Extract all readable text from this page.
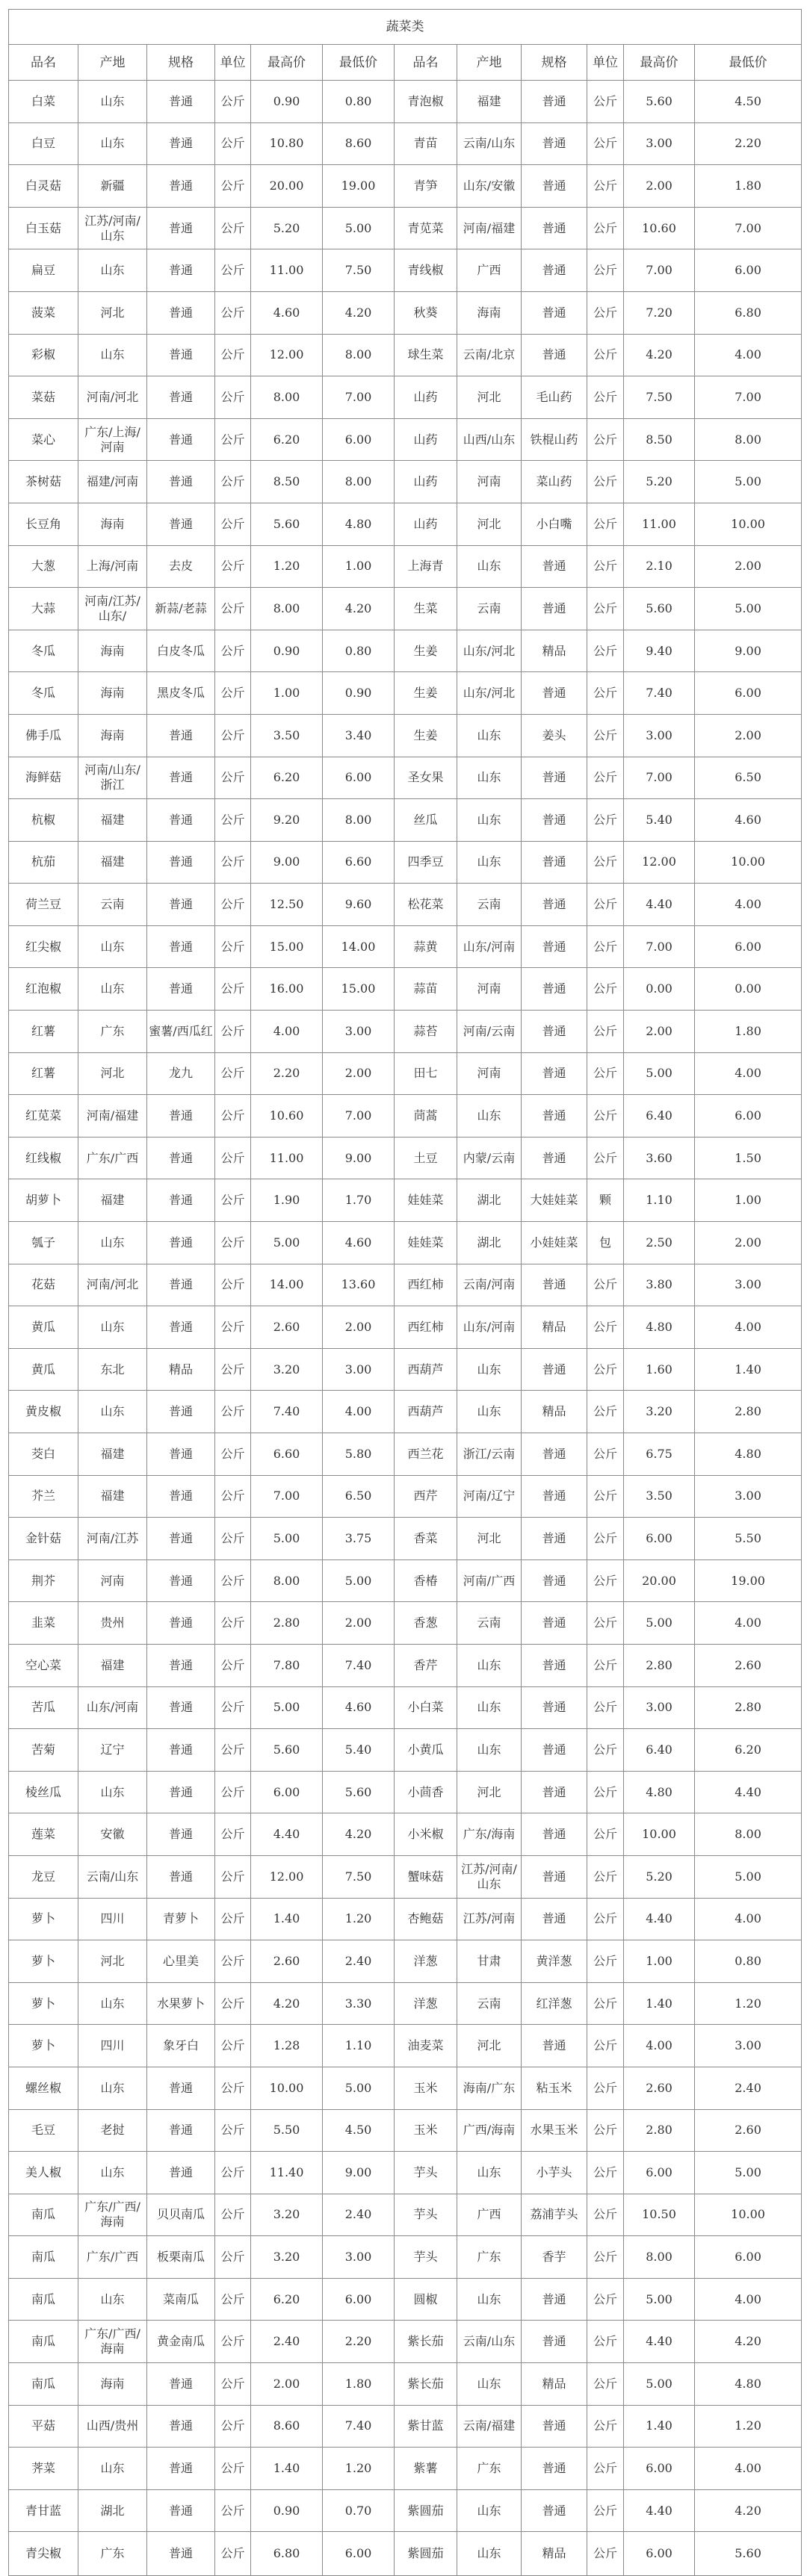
蔬菜类											
品名	产地	规格	单位	最高价	最低价	品名	产地	规格	单位	最高价	最低价
白菜	山东	普通	公斤	0.90	0.80	青泡椒	福建	普通	公斤	5.60	4.50
白豆	山东	普通	公斤	10.80	8.60	青苗	云南/山东	普通	公斤	3.00	2.20
白灵菇	新疆	普通	公斤	20.00	19.00	青笋	山东/安徽	普通	公斤	2.00	1.80
白玉菇	江苏/河南/山东	普通	公斤	5.20	5.00	青苋菜	河南/福建	普通	公斤	10.60	7.00
扁豆	山东	普通	公斤	11.00	7.50	青线椒	广西	普通	公斤	7.00	6.00
菠菜	河北	普通	公斤	4.60	4.20	秋葵	海南	普通	公斤	7.20	6.80
彩椒	山东	普通	公斤	12.00	8.00	球生菜	云南/北京	普通	公斤	4.20	4.00
菜菇	河南/河北	普通	公斤	8.00	7.00	山药	河北	毛山药	公斤	7.50	7.00
菜心	广东/上海/河南	普通	公斤	6.20	6.00	山药	山西/山东	铁棍山药	公斤	8.50	8.00
茶树菇	福建/河南	普通	公斤	8.50	8.00	山药	河南	菜山药	公斤	5.20	5.00
长豆角	海南	普通	公斤	5.60	4.80	山药	河北	小白嘴	公斤	11.00	10.00
大葱	上海/河南	去皮	公斤	1.20	1.00	上海青	山东	普通	公斤	2.10	2.00
大蒜	河南/江苏/山东/	新蒜/老蒜	公斤	8.00	4.20	生菜	云南	普通	公斤	5.60	5.00
冬瓜	海南	白皮冬瓜	公斤	0.90	0.80	生姜	山东/河北	精品	公斤	9.40	9.00
冬瓜	海南	黑皮冬瓜	公斤	1.00	0.90	生姜	山东/河北	普通	公斤	7.40	6.00
佛手瓜	海南	普通	公斤	3.50	3.40	生姜	山东	姜头	公斤	3.00	2.00
海鲜菇	河南/山东/浙江	普通	公斤	6.20	6.00	圣女果	山东	普通	公斤	7.00	6.50
杭椒	福建	普通	公斤	9.20	8.00	丝瓜	山东	普通	公斤	5.40	4.60
杭茄	福建	普通	公斤	9.00	6.60	四季豆	山东	普通	公斤	12.00	10.00
荷兰豆	云南	普通	公斤	12.50	9.60	松花菜	云南	普通	公斤	4.40	4.00
红尖椒	山东	普通	公斤	15.00	14.00	蒜黄	山东/河南	普通	公斤	7.00	6.00
红泡椒	山东	普通	公斤	16.00	15.00	蒜苗	河南	普通	公斤	0.00	0.00
红薯	广东	蜜薯/西瓜红	公斤	4.00	3.00	蒜苔	河南/云南	普通	公斤	2.00	1.80
红薯	河北	龙九	公斤	2.20	2.00	田七	河南	普通	公斤	5.00	4.00
红苋菜	河南/福建	普通	公斤	10.60	7.00	茼蒿	山东	普通	公斤	6.40	6.00
红线椒	广东/广西	普通	公斤	11.00	9.00	土豆	内蒙/云南	普通	公斤	3.60	1.50
胡萝卜	福建	普通	公斤	1.90	1.70	娃娃菜	湖北	大娃娃菜	颗	1.10	1.00
瓠子	山东	普通	公斤	5.00	4.60	娃娃菜	湖北	小娃娃菜	包	2.50	2.00
花菇	河南/河北	普通	公斤	14.00	13.60	西红柿	云南/河南	普通	公斤	3.80	3.00
黄瓜	山东	普通	公斤	2.60	2.00	西红柿	山东/河南	精品	公斤	4.80	4.00
黄瓜	东北	精品	公斤	3.20	3.00	西葫芦	山东	普通	公斤	1.60	1.40
黄皮椒	山东	普通	公斤	7.40	4.00	西葫芦	山东	精品	公斤	3.20	2.80
茭白	福建	普通	公斤	6.60	5.80	西兰花	浙江/云南	普通	公斤	6.75	4.80
芥兰	福建	普通	公斤	7.00	6.50	西芹	河南/辽宁	普通	公斤	3.50	3.00
金针菇	河南/江苏	普通	公斤	5.00	3.75	香菜	河北	普通	公斤	6.00	5.50
荆芥	河南	普通	公斤	8.00	5.00	香椿	河南/广西	普通	公斤	20.00	19.00
韭菜	贵州	普通	公斤	2.80	2.00	香葱	云南	普通	公斤	5.00	4.00
空心菜	福建	普通	公斤	7.80	7.40	香芹	山东	普通	公斤	2.80	2.60
苦瓜	山东/河南	普通	公斤	5.00	4.60	小白菜	山东	普通	公斤	3.00	2.80
苦菊	辽宁	普通	公斤	5.60	5.40	小黄瓜	山东	普通	公斤	6.40	6.20
棱丝瓜	山东	普通	公斤	6.00	5.60	小茴香	河北	普通	公斤	4.80	4.40
莲菜	安徽	普通	公斤	4.40	4.20	小米椒	广东/海南	普通	公斤	10.00	8.00
龙豆	云南/山东	普通	公斤	12.00	7.50	蟹味菇	江苏/河南/山东	普通	公斤	5.20	5.00
萝卜	四川	青萝卜	公斤	1.40	1.20	杏鲍菇	江苏/河南	普通	公斤	4.40	4.00
萝卜	河北	心里美	公斤	2.60	2.40	洋葱	甘肃	黄洋葱	公斤	1.00	0.80
萝卜	山东	水果萝卜	公斤	4.20	3.30	洋葱	云南	红洋葱	公斤	1.40	1.20
萝卜	四川	象牙白	公斤	1.28	1.10	油麦菜	河北	普通	公斤	4.00	3.00
螺丝椒	山东	普通	公斤	10.00	5.00	玉米	海南/广东	粘玉米	公斤	2.60	2.40
毛豆	老挝	普通	公斤	5.50	4.50	玉米	广西/海南	水果玉米	公斤	2.80	2.60
美人椒	山东	普通	公斤	11.40	9.00	芋头	山东	小芋头	公斤	6.00	5.00
南瓜	广东/广西/海南	贝贝南瓜	公斤	3.20	2.40	芋头	广西	荔浦芋头	公斤	10.50	10.00
南瓜	广东/广西	板栗南瓜	公斤	3.20	3.00	芋头	广东	香芋	公斤	8.00	6.00
南瓜	山东	菜南瓜	公斤	6.20	6.00	圆椒	山东	普通	公斤	5.00	4.00
南瓜	广东/广西/海南	黄金南瓜	公斤	2.40	2.20	紫长茄	云南/山东	普通	公斤	4.40	4.20
南瓜	海南	普通	公斤	2.00	1.80	紫长茄	山东	精品	公斤	5.00	4.80
平菇	山西/贵州	普通	公斤	8.60	7.40	紫甘蓝	云南/福建	普通	公斤	1.40	1.20
荠菜	山东	普通	公斤	1.40	1.20	紫薯	广东	普通	公斤	6.00	4.00
青甘蓝	湖北	普通	公斤	0.90	0.70	紫圆茄	山东	普通	公斤	4.40	4.20
青尖椒	广东	普通	公斤	6.80	6.00	紫圆茄	山东	精品	公斤	6.00	5.60
